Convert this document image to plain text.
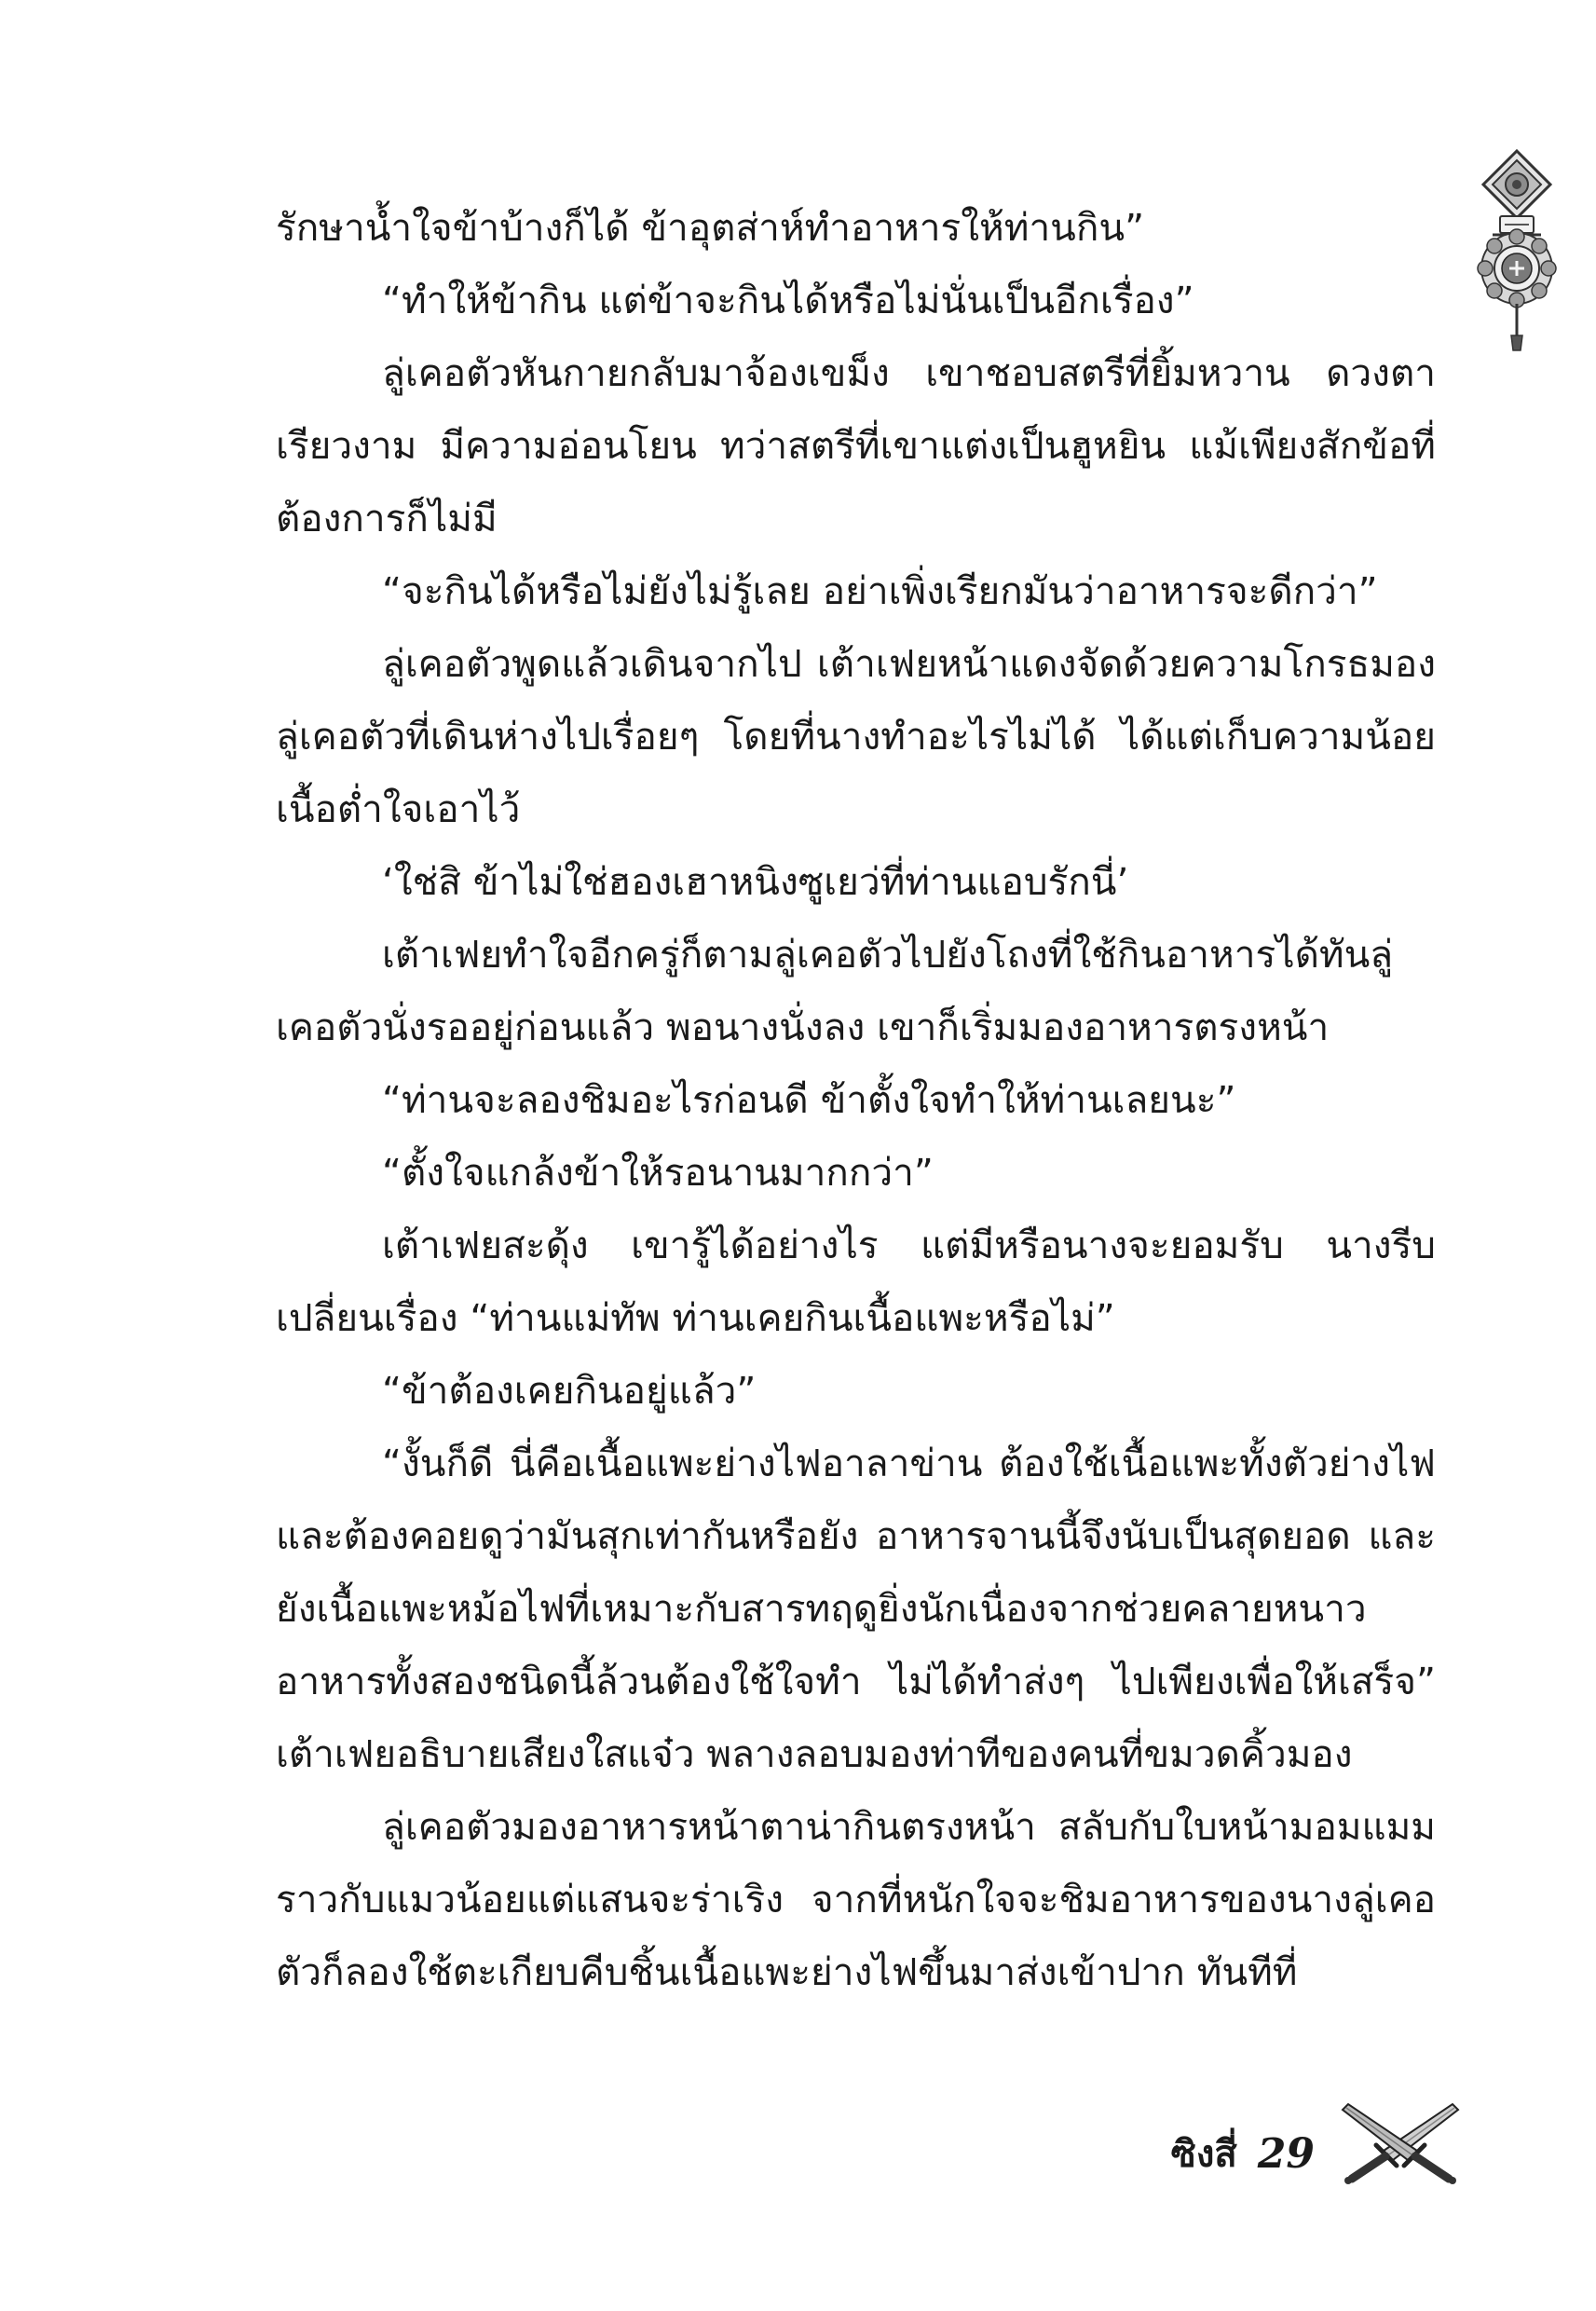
รักษาน้ำใจข้าบ้างก็ได้ ข้าอุตส่าห์ทำอาหารให้ท่านกิน”

“ทำให้ข้ากิน แต่ข้าจะกินได้หรือไม่นั่นเป็นอีกเรื่อง”

ลู่เคอตัวหันกายกลับมาจ้องเขม็ง เขาชอบสตรีที่ยิ้มหวาน ดวงตาเรียวงาม มีความอ่อนโยน ทว่าสตรีที่เขาแต่งเป็นฮูหยิน แม้เพียงสักข้อที่ต้องการก็ไม่มี

“จะกินได้หรือไม่ยังไม่รู้เลย อย่าเพิ่งเรียกมันว่าอาหารจะดีกว่า”

ลู่เคอตัวพูดแล้วเดินจากไป เต้าเฟยหน้าแดงจัดด้วยความโกรธมองลู่เคอตัวที่เดินห่างไปเรื่อยๆ โดยที่นางทำอะไรไม่ได้ ได้แต่เก็บความน้อยเนื้อต่ำใจเอาไว้

‘ใช่สิ ข้าไม่ใช่ฮองเฮาหนิงซูเยว่ที่ท่านแอบรักนี่’

เต้าเฟยทำใจอีกครู่ก็ตามลู่เคอตัวไปยังโถงที่ใช้กินอาหารได้ทันลู่เคอตัวนั่งรออยู่ก่อนแล้ว พอนางนั่งลง เขาก็เริ่มมองอาหารตรงหน้า

“ท่านจะลองชิมอะไรก่อนดี ข้าตั้งใจทำให้ท่านเลยนะ”

“ตั้งใจแกล้งข้าให้รอนานมากกว่า”

เต้าเฟยสะดุ้ง เขารู้ได้อย่างไร แต่มีหรือนางจะยอมรับ นางรีบเปลี่ยนเรื่อง “ท่านแม่ทัพ ท่านเคยกินเนื้อแพะหรือไม่”

“ข้าต้องเคยกินอยู่แล้ว”

“งั้นก็ดี นี่คือเนื้อแพะย่างไฟอาลาข่าน ต้องใช้เนื้อแพะทั้งตัวย่างไฟ และต้องคอยดูว่ามันสุกเท่ากันหรือยัง อาหารจานนี้จึงนับเป็นสุดยอด และยังเนื้อแพะหม้อไฟที่เหมาะกับสารทฤดูยิ่งนักเนื่องจากช่วยคลายหนาว อาหารทั้งสองชนิดนี้ล้วนต้องใช้ใจทำ ไม่ได้ทำส่งๆ ไปเพียงเพื่อให้เสร็จ” เต้าเฟยอธิบายเสียงใสแจ๋ว พลางลอบมองท่าทีของคนที่ขมวดคิ้วมอง

ลู่เคอตัวมองอาหารหน้าตาน่ากินตรงหน้า สลับกับใบหน้ามอมแมมราวกับแมวน้อยแต่แสนจะร่าเริง จากที่หนักใจจะชิมอาหารของนางลู่เคอตัวก็ลองใช้ตะเกียบคีบชิ้นเนื้อแพะย่างไฟขึ้นมาส่งเข้าปาก ทันทีที่

ซิงสี่ 29
